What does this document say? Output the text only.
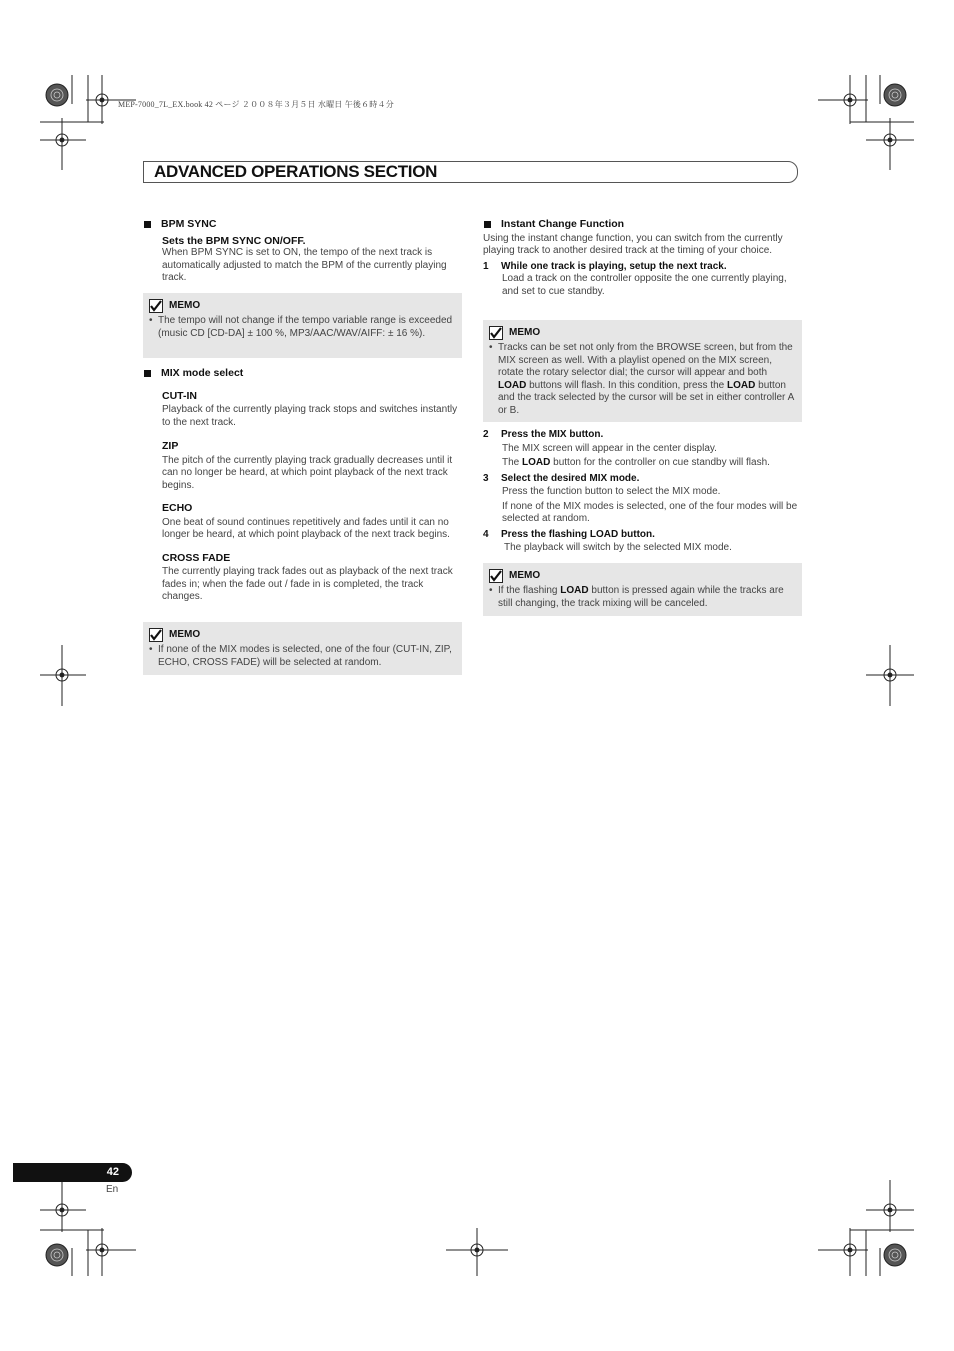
MEP-7000_7L_EX.book 42 ページ ２００８年３月５日 水曜日 午後６時４分
ADVANCED OPERATIONS SECTION
BPM SYNC
Sets the BPM SYNC ON/OFF.
When BPM SYNC is set to ON, the tempo of the next track is automatically adjusted to match the BPM of the currently playing track.
MEMO
• The tempo will not change if the tempo variable range is exceeded (music CD [CD-DA] ± 100 %, MP3/AAC/WAV/AIFF: ± 16 %).
MIX mode select
CUT-IN
Playback of the currently playing track stops and switches instantly to the next track.
ZIP
The pitch of the currently playing track gradually decreases until it can no longer be heard, at which point playback of the next track begins.
ECHO
One beat of sound continues repetitively and fades until it can no longer be heard, at which point playback of the next track begins.
CROSS FADE
The currently playing track fades out as playback of the next track fades in; when the fade out / fade in is completed, the track changes.
MEMO
• If none of the MIX modes is selected, one of the four (CUT-IN, ZIP, ECHO, CROSS FADE) will be selected at random.
Instant Change Function
Using the instant change function, you can switch from the currently playing track to another desired track at the timing of your choice.
1	While one track is playing, setup the next track.
Load a track on the controller opposite the one currently playing, and set to cue standby.
MEMO
• Tracks can be set not only from the BROWSE screen, but from the MIX screen as well. With a playlist opened on the MIX screen, rotate the rotary selector dial; the cursor will appear and both LOAD buttons will flash. In this condition, press the LOAD button and the track selected by the cursor will be set in either controller A or B.
2	Press the MIX button.
The MIX screen will appear in the center display.
The LOAD button for the controller on cue standby will flash.
3	Select the desired MIX mode.
Press the function button to select the MIX mode.
If none of the MIX modes is selected, one of the four modes will be selected at random.
4	Press the flashing LOAD button.
The playback will switch by the selected MIX mode.
MEMO
• If the flashing LOAD button is pressed again while the tracks are still changing, the track mixing will be canceled.
42
En
